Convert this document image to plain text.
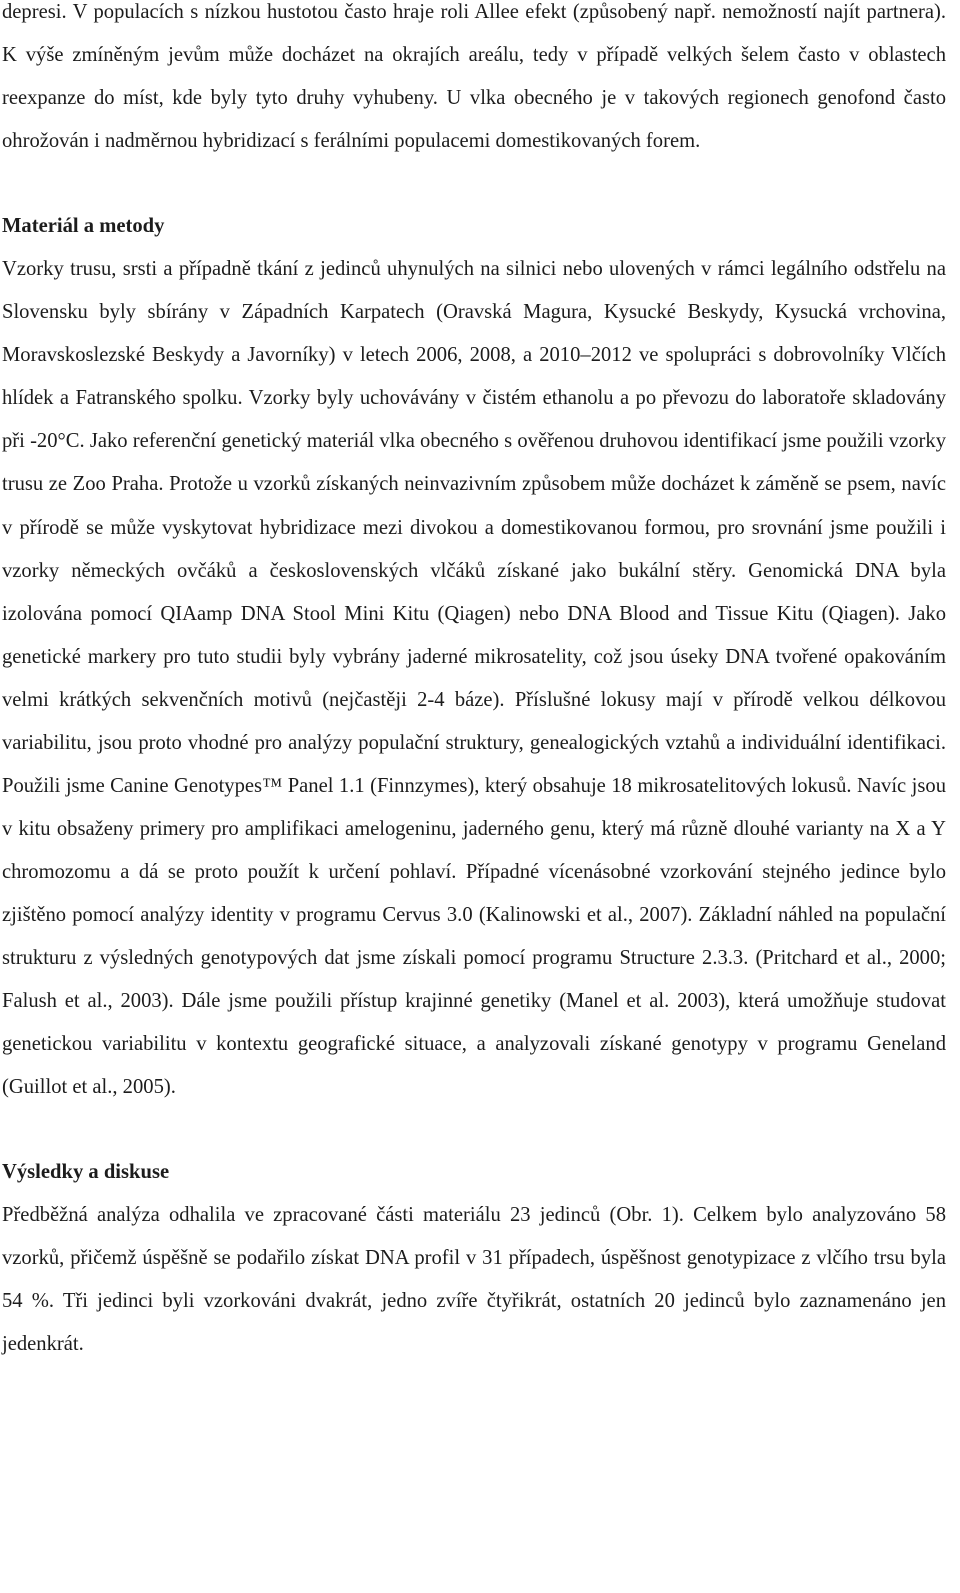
depresi. V populacích s nízkou hustotou často hraje roli Allee efekt (způsobený např. nemožností najít partnera). K výše zmíněným jevům může docházet na okrajích areálu, tedy v případě velkých šelem často v oblastech reexpanze do míst, kde byly tyto druhy vyhubeny. U vlka obecného je v takových regionech genofond často ohrožován i nadměrnou hybridizací s ferálními populacemi domestikovaných forem.

Materiál a metody

Vzorky trusu, srsti a případně tkání z jedinců uhynulých na silnici nebo ulovených v rámci legálního odstřelu na Slovensku byly sbírány v Západních Karpatech (Oravská Magura, Kysucké Beskydy, Kysucká vrchovina, Moravskoslezské Beskydy a Javorníky) v letech 2006, 2008, a 2010–2012 ve spolupráci s dobrovolníky Vlčích hlídek a Fatranského spolku. Vzorky byly uchovávány v čistém ethanolu a po převozu do laboratoře skladovány při -20°C. Jako referenční genetický materiál vlka obecného s ověřenou druhovou identifikací jsme použili vzorky trusu ze Zoo Praha. Protože u vzorků získaných neinvazivním způsobem může docházet k záměně se psem, navíc v přírodě se může vyskytovat hybridizace mezi divokou a domestikovanou formou, pro srovnání jsme použili i vzorky německých ovčáků a československých vlčáků získané jako bukální stěry. Genomická DNA byla izolována pomocí QIAamp DNA Stool Mini Kitu (Qiagen) nebo DNA Blood and Tissue Kitu (Qiagen). Jako genetické markery pro tuto studii byly vybrány jaderné mikrosatelity, což jsou úseky DNA tvořené opakováním velmi krátkých sekvenčních motivů (nejčastěji 2-4 báze). Příslušné lokusy mají v přírodě velkou délkovou variabilitu, jsou proto vhodné pro analýzy populační struktury, genealogických vztahů a individuální identifikaci. Použili jsme Canine Genotypes™ Panel 1.1 (Finnzymes), který obsahuje 18 mikrosatelitových lokusů. Navíc jsou v kitu obsaženy primery pro amplifikaci amelogeninu, jaderného genu, který má různě dlouhé varianty na X a Y chromozomu a dá se proto použít k určení pohlaví. Případné vícenásobné vzorkování stejného jedince bylo zjištěno pomocí analýzy identity v programu Cervus 3.0 (Kalinowski et al., 2007). Základní náhled na populační strukturu z výsledných genotypových dat jsme získali pomocí programu Structure 2.3.3. (Pritchard et al., 2000; Falush et al., 2003). Dále jsme použili přístup krajinné genetiky (Manel et al. 2003), která umožňuje studovat genetickou variabilitu v kontextu geografické situace, a analyzovali získané genotypy v programu Geneland (Guillot et al., 2005).

Výsledky a diskuse

Předběžná analýza odhalila ve zpracované části materiálu 23 jedinců (Obr. 1). Celkem bylo analyzováno 58 vzorků, přičemž úspěšně se podařilo získat DNA profil v 31 případech, úspěšnost genotypizace z vlčího trsu byla 54 %. Tři jedinci byli vzorkováni dvakrát, jedno zvíře čtyřikrát, ostatních 20 jedinců bylo zaznamenáno jen jedenkrát.
